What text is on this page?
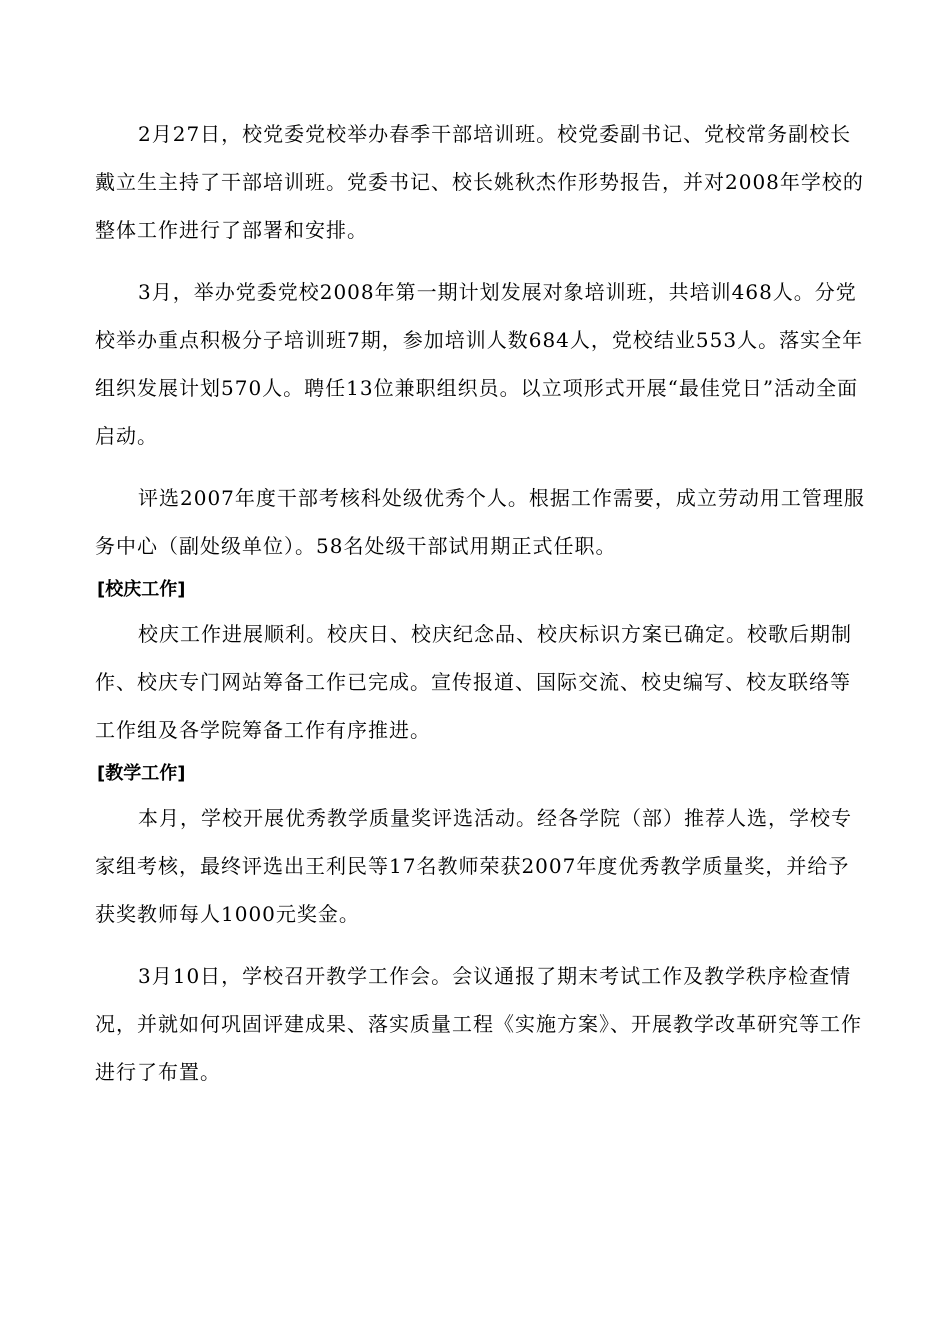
2月27日，校党委党校举办春季干部培训班。校党委副书记、党校常务副校长戴立生主持了干部培训班。党委书记、校长姚秋杰作形势报告，并对2008年学校的整体工作进行了部署和安排。

3月，举办党委党校2008年第一期计划发展对象培训班，共培训468人。分党校举办重点积极分子培训班7期，参加培训人数684人，党校结业553人。落实全年组织发展计划570人。聘任13位兼职组织员。以立项形式开展“最佳党日”活动全面启动。

评选2007年度干部考核科处级优秀个人。根据工作需要，成立劳动用工管理服务中心（副处级单位）。58名处级干部试用期正式任职。

[校庆工作]

校庆工作进展顺利。校庆日、校庆纪念品、校庆标识方案已确定。校歌后期制作、校庆专门网站筹备工作已完成。宣传报道、国际交流、校史编写、校友联络等工作组及各学院筹备工作有序推进。

[教学工作]

本月，学校开展优秀教学质量奖评选活动。经各学院（部）推荐人选，学校专家组考核，最终评选出王利民等17名教师荣获2007年度优秀教学质量奖，并给予获奖教师每人1000元奖金。

3月10日，学校召开教学工作会。会议通报了期末考试工作及教学秩序检查情况，并就如何巩固评建成果、落实质量工程《实施方案》、开展教学改革研究等工作进行了布置。
